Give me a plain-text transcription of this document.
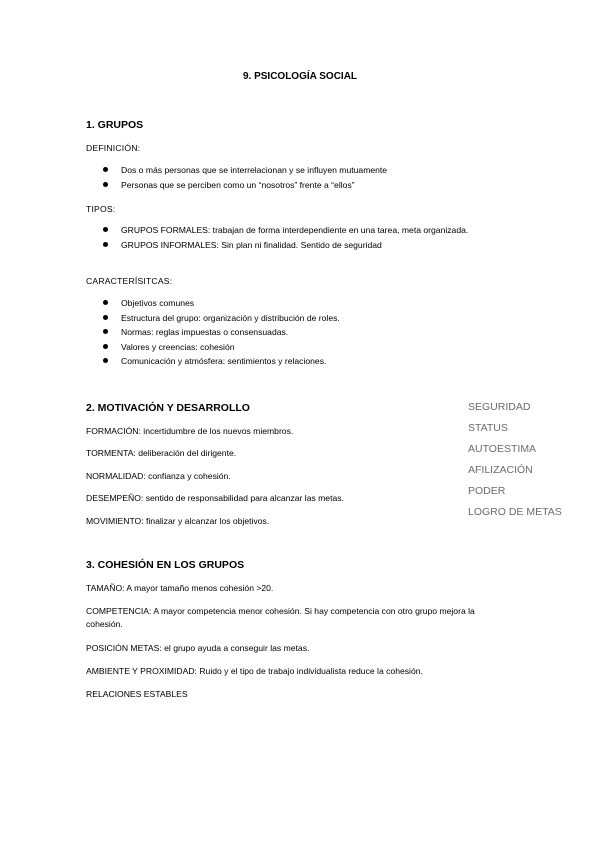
9. PSICOLOGÍA SOCIAL
1. GRUPOS
DEFINICIÓN:
Dos o más personas que se interrelacionan y se influyen mutuamente
Personas que se perciben como un “nosotros” frente a “ellos”
TIPOS:
GRUPOS FORMALES: trabajan de forma interdependiente en una tarea, meta organizada.
GRUPOS INFORMALES: Sin plan ni finalidad. Sentido de seguridad
CARACTERÍSITCAS:
Objetivos comunes
Estructura del grupo: organización y distribución de roles.
Normas: reglas impuestas o consensuadas.
Valores y creencias: cohesión
Comunicación y atmósfera: sentimientos y relaciones.
2. MOTIVACIÓN Y DESARROLLO
FORMACIÓN: incertidumbre de los nuevos miembros.
TORMENTA: deliberación del dirigente.
NORMALIDAD: confianza y cohesión.
DESEMPEÑO: sentido de responsabilidad para alcanzar las metas.
MOVIMIENTO: finalizar y alcanzar los objetivos.
SEGURIDAD
STATUS
AUTOESTIMA
AFILIZACIÓN
PODER
LOGRO DE METAS
3. COHESIÓN EN LOS GRUPOS
TAMAÑO: A mayor tamaño menos cohesión >20.
COMPETENCIA: A mayor competencia menor cohesión. Si hay competencia con otro grupo mejora la cohesión.
POSICIÓN METAS: el grupo ayuda a conseguir las metas.
AMBIENTE Y PROXIMIDAD: Ruido y el tipo de trabajo individualista reduce la cohesión.
RELACIONES ESTABLES
